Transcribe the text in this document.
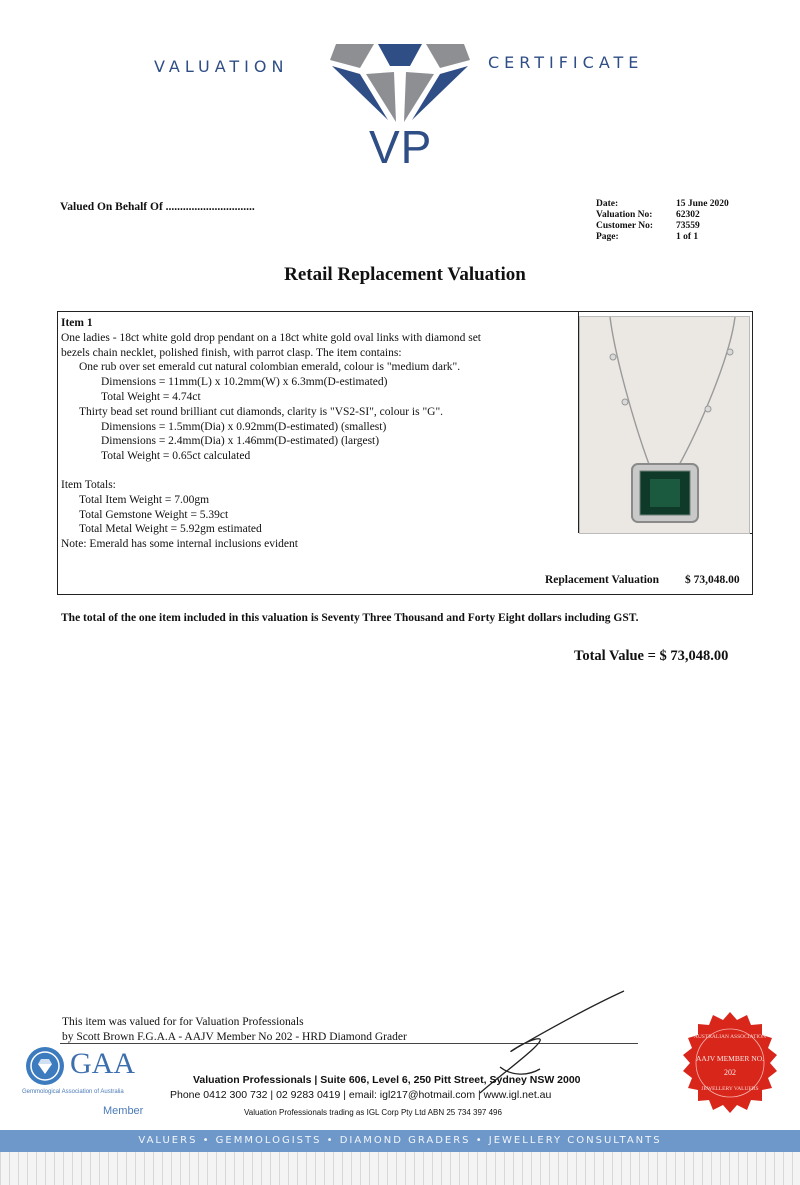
VALUATION	CERTIFICATE
VP
Valued On Behalf Of ...............................	Date:	15 June 2020
Valuation No:	62302
Customer No:	73559
Page:	1 of 1
Retail Replacement Valuation
Item 1
One ladies - 18ct white gold drop pendant on a 18ct white gold oval links with diamond set
bezels chain necklet, polished finish, with parrot clasp. The item contains:
One rub over set emerald cut natural colombian emerald, colour is "medium dark".
Dimensions = 11mm(L) x 10.2mm(W) x 6.3mm(D-estimated)
Total Weight = 4.74ct
Thirty bead set round brilliant cut diamonds, clarity is "VS2-SI", colour is "G".
Dimensions = 1.5mm(Dia) x 0.92mm(D-estimated) (smallest)
Dimensions = 2.4mm(Dia) x 1.46mm(D-estimated) (largest)
Total Weight = 0.65ct calculated
Item Totals:
Total Item Weight = 7.00gm
Total Gemstone Weight = 5.39ct
Total Metal Weight = 5.92gm estimated
Note: Emerald has some internal inclusions evident
Replacement Valuation $ 73,048.00
The total of the one item included in this valuation is Seventy Three Thousand and Forty Eight dollars including GST.
Total Value = $ 73,048.00
This item was valued for for Valuation Professionals
by Scott Brown F.G.A.A - AAJV Member No 202 - HRD Diamond Grader
GAA
Gemmological Association of Australia
Member
Valuation Professionals | Suite 606, Level 6, 250 Pitt Street, Sydney NSW 2000
Phone 0412 300 732 | 02 9283 0419 | email: igl217@hotmail.com | www.igl.net.au
Valuation Professionals trading as IGL Corp Pty Ltd ABN 25 734 397 496
AUSTRALIAN ASSOCIATION
AAJV MEMBER NO.
202
JEWELLERY VALUERS
VALUERS • GEMMOLOGISTS • DIAMOND GRADERS • JEWELLERY CONSULTANTS
